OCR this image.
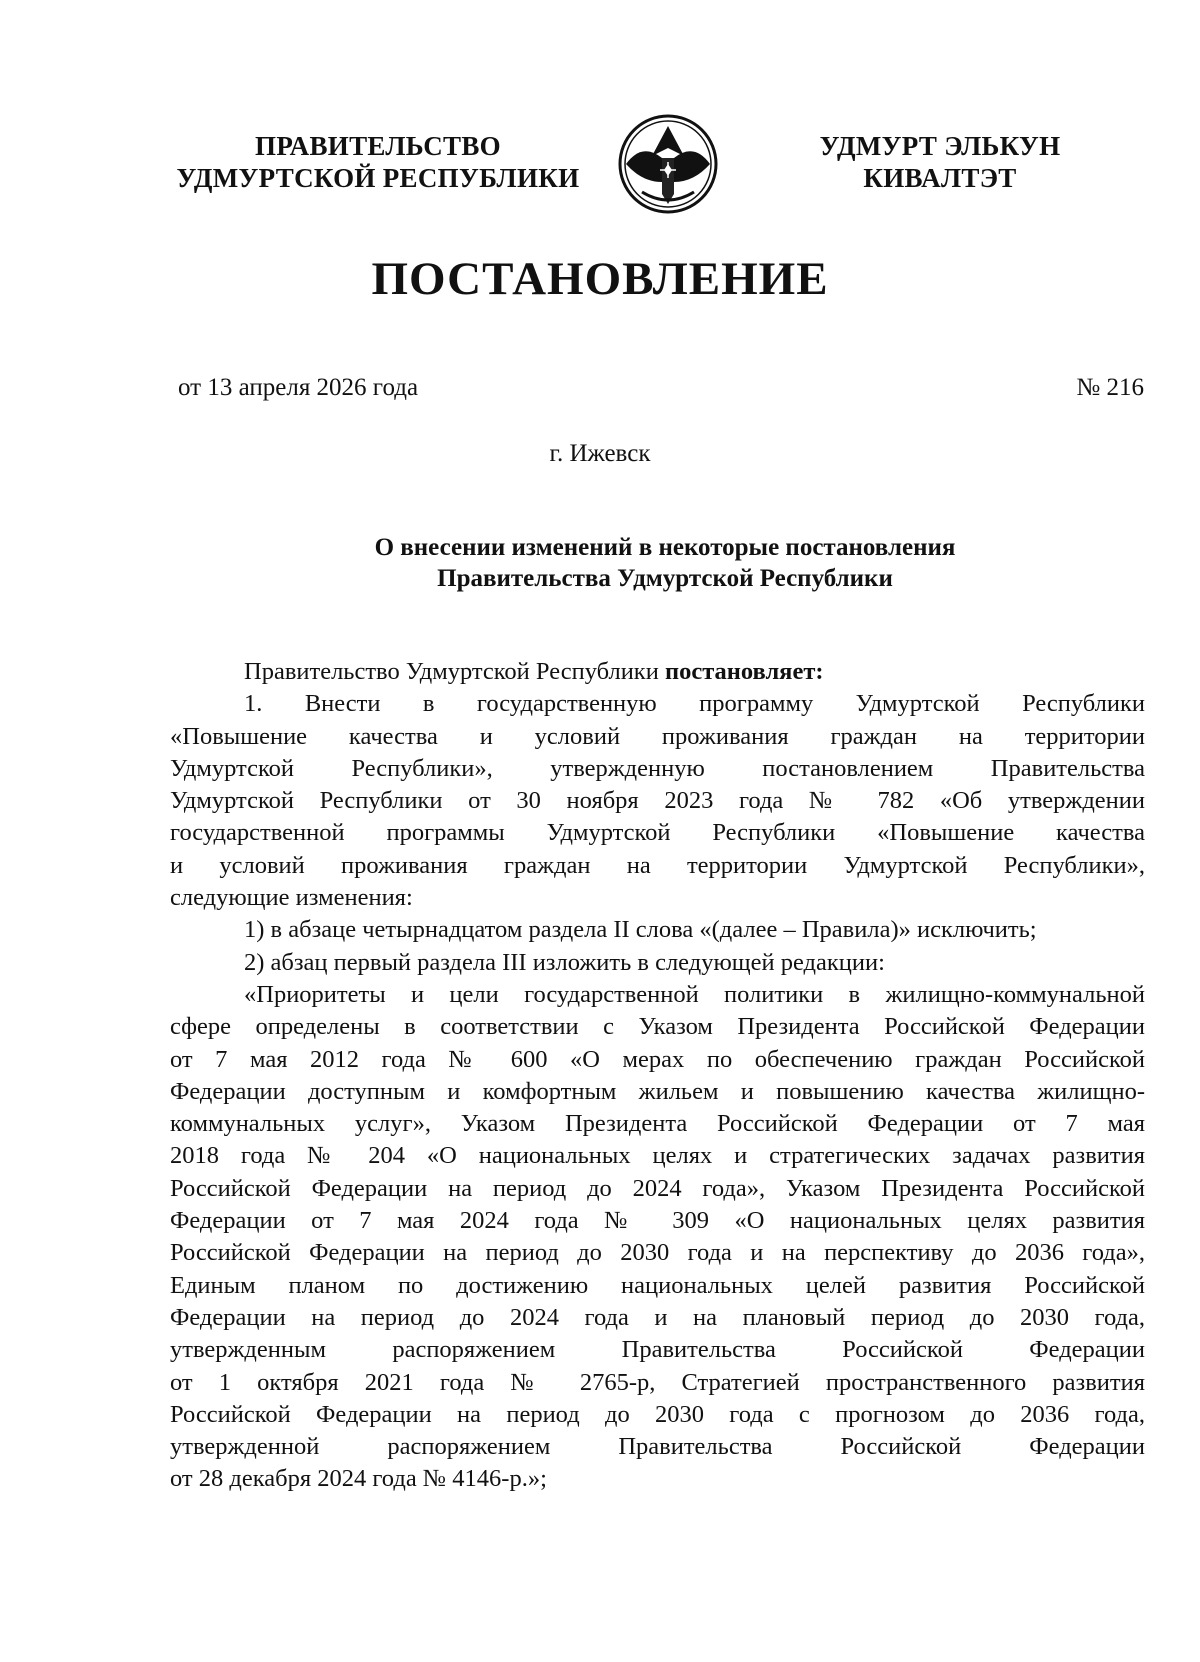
ПРАВИТЕЛЬСТВО
УДМУРТСКОЙ РЕСПУБЛИКИ
УДМУРТ ЭЛЬКУН
КИВАЛТЭТ
ПОСТАНОВЛЕНИЕ
от 13 апреля 2026 года	№ 216
г. Ижевск
О внесении изменений в некоторые постановления
Правительства Удмуртской Республики
Правительство Удмуртской Республики постановляет:
1. Внести в государственную программу Удмуртской Республики
«Повышение качества и условий проживания граждан на территории
Удмуртской Республики», утвержденную постановлением Правительства
Удмуртской Республики от 30 ноября 2023 года № 782 «Об утверждении
государственной программы Удмуртской Республики «Повышение качества
и условий проживания граждан на территории Удмуртской Республики»,
следующие изменения:
1) в абзаце четырнадцатом раздела II слова «(далее – Правила)» исключить;
2) абзац первый раздела III изложить в следующей редакции:
«Приоритеты и цели государственной политики в жилищно-коммунальной
сфере определены в соответствии с Указом Президента Российской Федерации
от 7 мая 2012 года № 600 «О мерах по обеспечению граждан Российской
Федерации доступным и комфортным жильем и повышению качества жилищно-
коммунальных услуг», Указом Президента Российской Федерации от 7 мая
2018 года № 204 «О национальных целях и стратегических задачах развития
Российской Федерации на период до 2024 года», Указом Президента Российской
Федерации от 7 мая 2024 года № 309 «О национальных целях развития
Российской Федерации на период до 2030 года и на перспективу до 2036 года»,
Единым планом по достижению национальных целей развития Российской
Федерации на период до 2024 года и на плановый период до 2030 года,
утвержденным распоряжением Правительства Российской Федерации
от 1 октября 2021 года № 2765-р, Стратегией пространственного развития
Российской Федерации на период до 2030 года с прогнозом до 2036 года,
утвержденной распоряжением Правительства Российской Федерации
от 28 декабря 2024 года № 4146-р.»;
